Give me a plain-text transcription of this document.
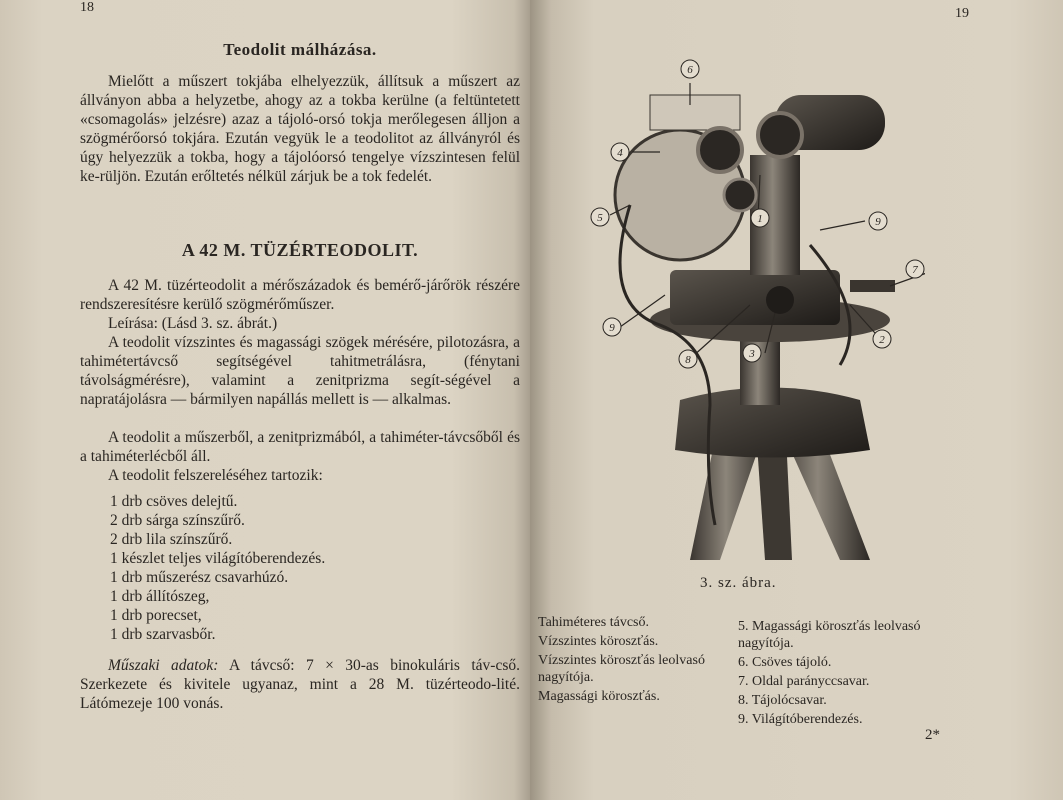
18
Teodolit málházása.
Mielőtt a műszert tokjába elhelyezzük, állítsuk a műszert az állványon abba a helyzetbe, ahogy az a tokba kerülne (a feltüntetett «csomagolás» jelzésre) azaz a tájoló-orsó tokja merőlegesen álljon a szögmérőorsó tokjára. Ezután vegyük le a teodolitot az állványról és úgy helyezzük a tokba, hogy a tájolóorsó tengelye vízszintesen felül ke-rüljön. Ezután erőltetés nélkül zárjuk be a tok fedelét.
A 42 M. TÜZÉRTEODOLIT.
A 42 M. tüzérteodolit a mérőszázadok és bemérő-járőrök részére rendszeresítésre kerülő szögmérőműszer.
Leírása: (Lásd 3. sz. ábrát.)
A teodolit vízszintes és magassági szögek mérésére, pilotozásra, a tahimétertávcső segítségével tahitmetrálásra, (fénytani távolságmérésre), valamint a zenitprizma segít-ségével a napratájolásra — bármilyen napállás mellett is — alkalmas.
A teodolit a műszerből, a zenitprizmából, a tahiméter-távcsőből és a tahiméterlécből áll.
A teodolit felszereléséhez tartozik:
1 drb csöves delejtű.
2 drb sárga színszűrő.
2 drb lila színszűrő.
1 készlet teljes világítóberendezés.
1 drb műszerész csavarhúzó.
1 drb állítószeg,
1 drb porecset,
1 drb szarvasbőr.
Műszaki adatok: A távcső: 7 × 30-as binokuláris táv-cső. Szerkezete és kivitele ugyanaz, mint a 28 M. tüzérteodo-lité. Látómezeje 100 vonás.
19
6
4
5	1	9
7
2
3
8
9
3. sz. ábra.
Tahiméteres távcső.
Vízszintes köroszťás.
Vízszintes köroszťás leolvasó nagyítója.
Magassági köroszťás.
5. Magassági köroszťás leolvasó nagyítója.
6. Csöves tájoló.
7. Oldal parányccsavar.
8. Tájolócsavar.
9. Világítóberendezés.
2*
